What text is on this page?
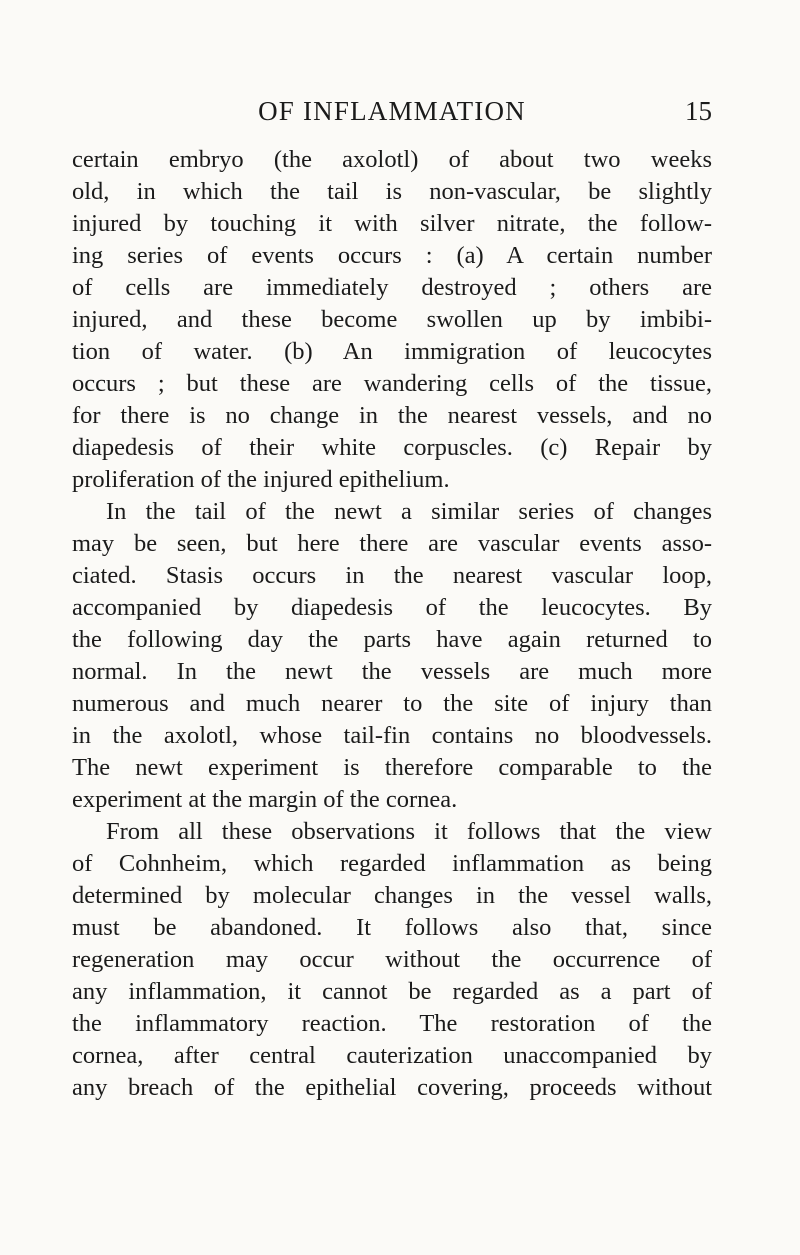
OF INFLAMMATION	15
certain embryo (the axolotl) of about two weeks
old, in which the tail is non-vascular, be slightly
injured by touching it with silver nitrate, the follow-
ing series of events occurs : (a) A certain number
of cells are immediately destroyed ; others are
injured, and these become swollen up by imbibi-
tion of water. (b) An immigration of leucocytes
occurs ; but these are wandering cells of the tissue,
for there is no change in the nearest vessels, and no
diapedesis of their white corpuscles. (c) Repair by
proliferation of the injured epithelium.
In the tail of the newt a similar series of changes
may be seen, but here there are vascular events asso-
ciated. Stasis occurs in the nearest vascular loop,
accompanied by diapedesis of the leucocytes. By
the following day the parts have again returned to
normal. In the newt the vessels are much more
numerous and much nearer to the site of injury than
in the axolotl, whose tail-fin contains no bloodvessels.
The newt experiment is therefore comparable to the
experiment at the margin of the cornea.
From all these observations it follows that the view
of Cohnheim, which regarded inflammation as being
determined by molecular changes in the vessel walls,
must be abandoned. It follows also that, since
regeneration may occur without the occurrence of
any inflammation, it cannot be regarded as a part of
the inflammatory reaction. The restoration of the
cornea, after central cauterization unaccompanied by
any breach of the epithelial covering, proceeds without
